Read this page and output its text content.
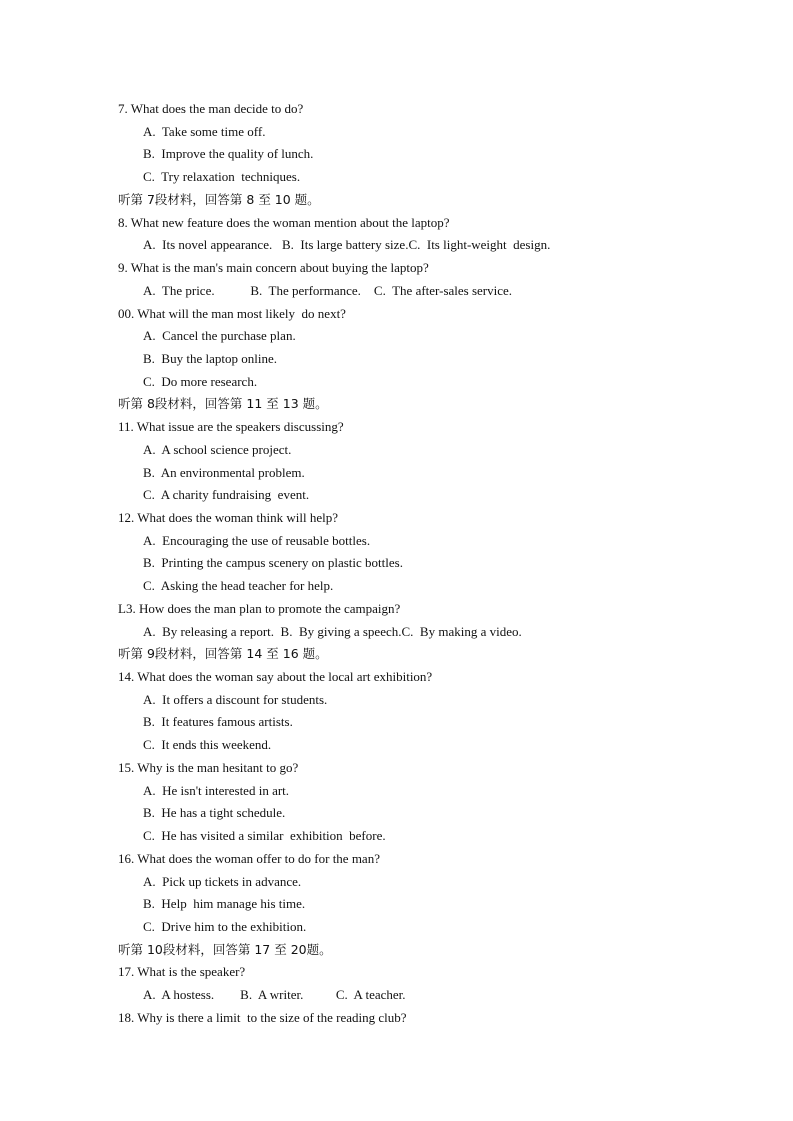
7. What does the man decide to do?
A.  Take some time off.
B.  Improve the quality of lunch.
C.  Try relaxation  techniques.
听第 7段材料，回答第 8 至 10 题。
8. What new feature does the woman mention about the laptop?
A.  Its novel appearance.   B.  Its large battery size.C.  Its light-weight  design.
9. What is the man's main concern about buying the laptop?
A.  The price.           B.  The performance.    C.  The after-sales service.
00. What will the man most likely  do next?
A.  Cancel the purchase plan.
B.  Buy the laptop online.
C.  Do more research.
听第 8段材料，回答第 11 至 13 题。
11. What issue are the speakers discussing?
A.  A school science project.
B.  An environmental problem.
C.  A charity fundraising  event.
12. What does the woman think will help?
A.  Encouraging the use of reusable bottles.
B.  Printing the campus scenery on plastic bottles.
C.  Asking the head teacher for help.
L3. How does the man plan to promote the campaign?
A.  By releasing a report.  B.  By giving a speech.C.  By making a video.
听第 9段材料，回答第 14 至 16 题。
14. What does the woman say about the local art exhibition?
A.  It offers a discount for students.
B.  It features famous artists.
C.  It ends this weekend.
15. Why is the man hesitant to go?
A.  He isn't interested in art.
B.  He has a tight schedule.
C.  He has visited a similar  exhibition  before.
16. What does the woman offer to do for the man?
A.  Pick up tickets in advance.
B.  Help  him manage his time.
C.  Drive him to the exhibition.
听第 10段材料，回答第 17 至 20题。
17. What is the speaker?
A.  A hostess.        B.  A writer.          C.  A teacher.
18. Why is there a limit  to the size of the reading club?
